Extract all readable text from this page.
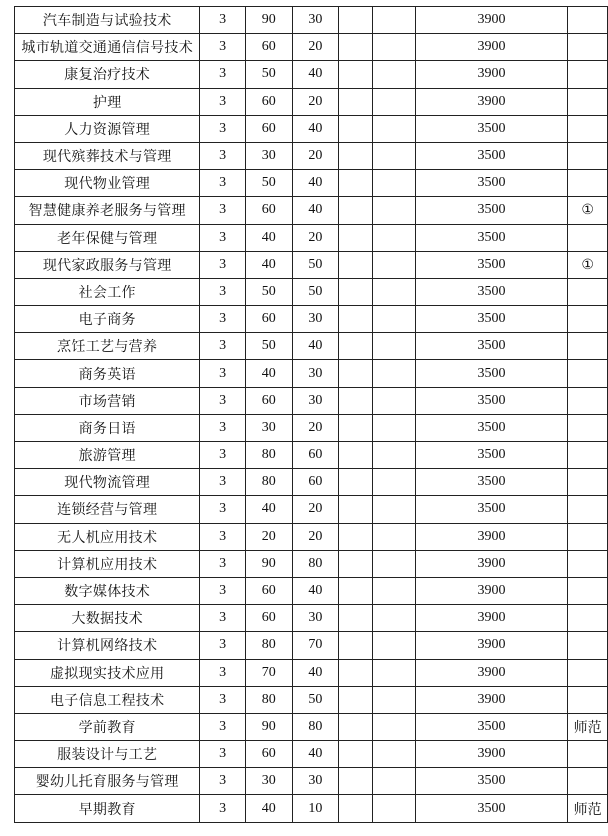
汽车制造与试验技术	3	90	30			3900	
城市轨道交通通信信号技术	3	60	20			3900	
康复治疗技术	3	50	40			3900	
护理	3	60	20			3900	
人力资源管理	3	60	40			3500	
现代殡葬技术与管理	3	30	20			3500	
现代物业管理	3	50	40			3500	
智慧健康养老服务与管理	3	60	40			3500	①
老年保健与管理	3	40	20			3500	
现代家政服务与管理	3	40	50			3500	①
社会工作	3	50	50			3500	
电子商务	3	60	30			3500	
烹饪工艺与营养	3	50	40			3500	
商务英语	3	40	30			3500	
市场营销	3	60	30			3500	
商务日语	3	30	20			3500	
旅游管理	3	80	60			3500	
现代物流管理	3	80	60			3500	
连锁经营与管理	3	40	20			3500	
无人机应用技术	3	20	20			3900	
计算机应用技术	3	90	80			3900	
数字媒体技术	3	60	40			3900	
大数据技术	3	60	30			3900	
计算机网络技术	3	80	70			3900	
虚拟现实技术应用	3	70	40			3900	
电子信息工程技术	3	80	50			3900	
学前教育	3	90	80			3500	师范
服装设计与工艺	3	60	40			3900	
婴幼儿托育服务与管理	3	30	30			3500	
早期教育	3	40	10			3500	师范
